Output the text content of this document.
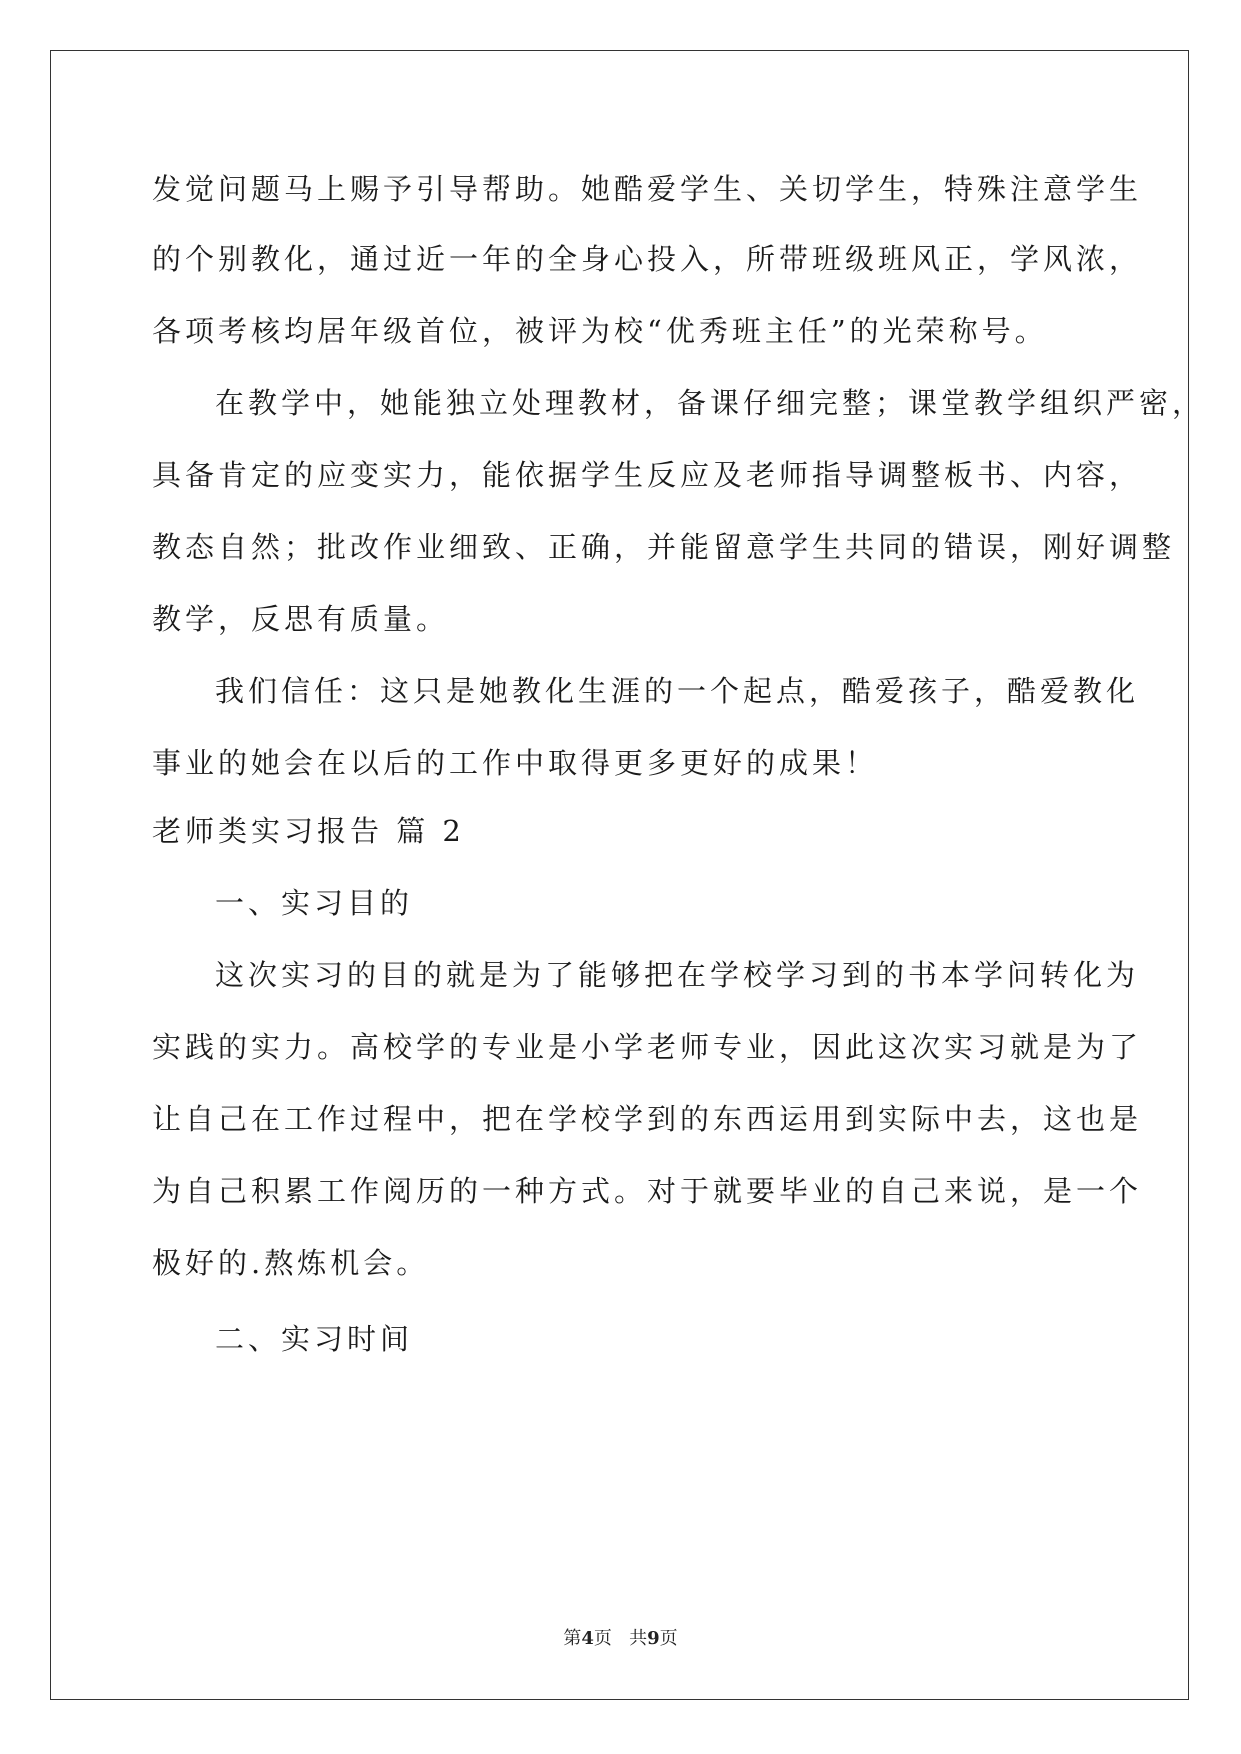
发觉问题马上赐予引导帮助。她酷爱学生、关切学生，特殊注意学生
的个别教化，通过近一年的全身心投入，所带班级班风正，学风浓，
各项考核均居年级首位，被评为校“优秀班主任”的光荣称号。
在教学中，她能独立处理教材，备课仔细完整；课堂教学组织严密，
具备肯定的应变实力，能依据学生反应及老师指导调整板书、内容，
教态自然；批改作业细致、正确，并能留意学生共同的错误，刚好调整
教学，反思有质量。
我们信任：这只是她教化生涯的一个起点，酷爱孩子，酷爱教化
事业的她会在以后的工作中取得更多更好的成果！
老师类实习报告 篇 2
一、实习目的
这次实习的目的就是为了能够把在学校学习到的书本学问转化为
实践的实力。高校学的专业是小学老师专业，因此这次实习就是为了
让自己在工作过程中，把在学校学到的东西运用到实际中去，这也是
为自己积累工作阅历的一种方式。对于就要毕业的自己来说，是一个
极好的.熬炼机会。
二、实习时间
第4页   共9页
